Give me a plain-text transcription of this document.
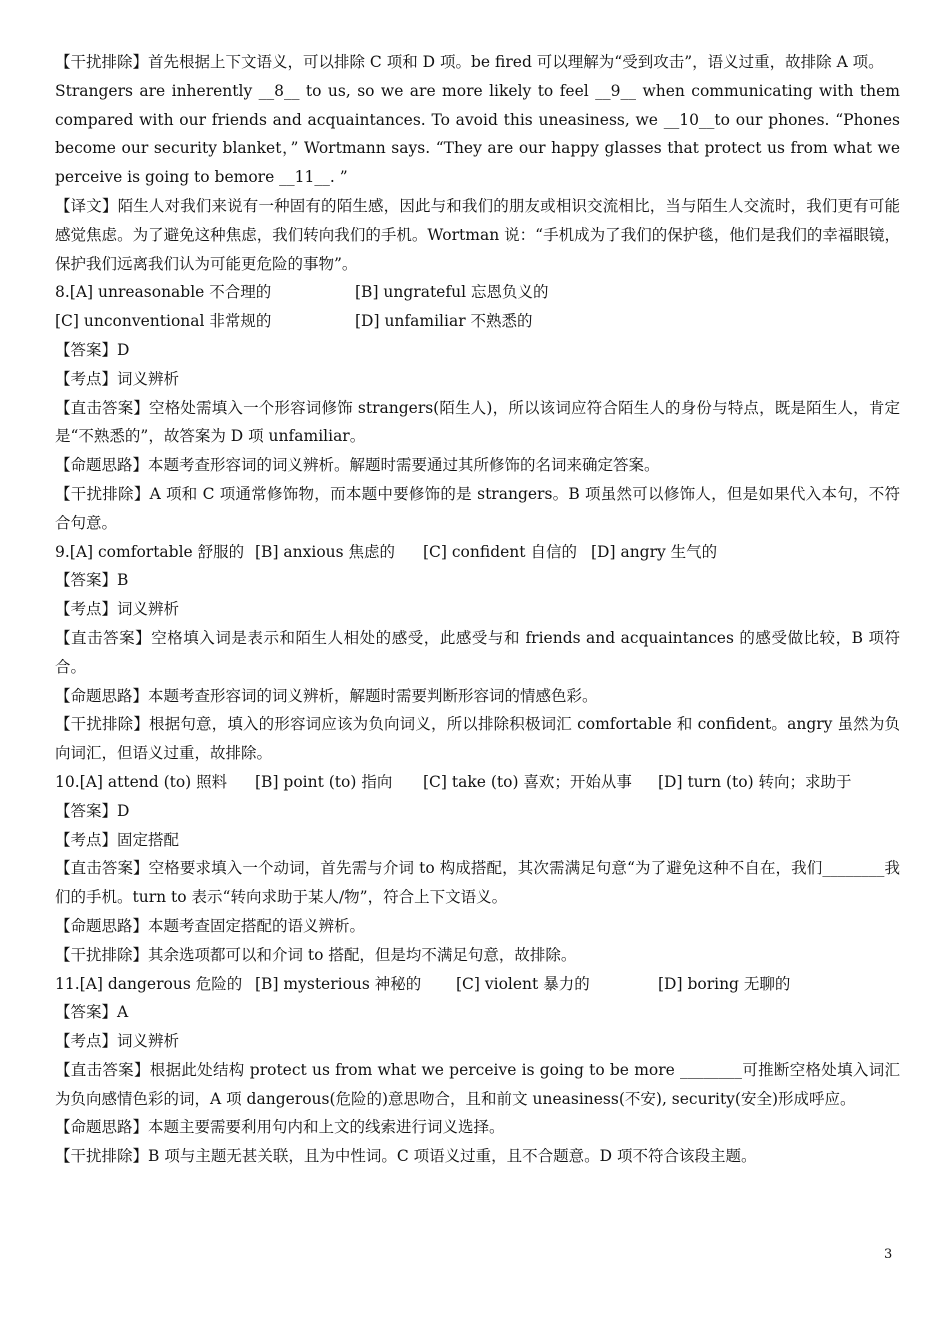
【干扰排除】首先根据上下文语义，可以排除 C 项和 D 项。be fired 可以理解为“受到攻击”，语义过重，故排除 A 项。

Strangers are inherently __8__ to us, so we are more likely to feel __9__ when communicating with them compared with our friends and acquaintances. To avoid this uneasiness, we __10__to our phones. “Phones become our security blanket，” Wortmann says. “They are our happy glasses that protect us from what we perceive is going to bemore __11__. ”

【译文】陌生人对我们来说有一种固有的陌生感，因此与和我们的朋友或相识交流相比，当与陌生人交流时，我们更有可能感觉焦虑。为了避免这种焦虑，我们转向我们的手机。Wortman 说：“手机成为了我们的保护毯，他们是我们的幸福眼镜，保护我们远离我们认为可能更危险的事物”。

8.[A] unreasonable 不合理的	[B] ungrateful 忘恩负义的
[C] unconventional 非常规的	[D] unfamiliar 不熟悉的

【答案】D

【考点】词义辨析

【直击答案】空格处需填入一个形容词修饰 strangers(陌生人)，所以该词应符合陌生人的身份与特点，既是陌生人，肯定是“不熟悉的”，故答案为 D 项 unfamiliar。

【命题思路】本题考查形容词的词义辨析。解题时需要通过其所修饰的名词来确定答案。

【干扰排除】A 项和 C 项通常修饰物，而本题中要修饰的是 strangers。B 项虽然可以修饰人，但是如果代入本句，不符合句意。

9.[A] comfortable 舒服的 [B] anxious 焦虑的	[C] confident 自信的 [D] angry 生气的

【答案】B

【考点】词义辨析

【直击答案】空格填入词是表示和陌生人相处的感受，此感受与和 friends and acquaintances 的感受做比较，B 项符合。

【命题思路】本题考查形容词的词义辨析，解题时需要判断形容词的情感色彩。

【干扰排除】根据句意，填入的形容词应该为负向词义，所以排除积极词汇 comfortable 和 confident。angry 虽然为负向词汇，但语义过重，故排除。

10.[A] attend (to) 照料	[B] point (to) 指向	[C] take (to) 喜欢；开始从事	[D] turn (to) 转向；求助于

【答案】D

【考点】固定搭配

【直击答案】空格要求填入一个动词，首先需与介词 to 构成搭配，其次需满足句意“为了避免这种不自在，我们________我们的手机。turn to 表示“转向求助于某人/物”，符合上下文语义。

【命题思路】本题考查固定搭配的语义辨析。

【干扰排除】其余选项都可以和介词 to 搭配，但是均不满足句意，故排除。

11.[A] dangerous 危险的 [B] mysterious 神秘的	[C] violent 暴力的	[D] boring 无聊的

【答案】A

【考点】词义辨析

【直击答案】根据此处结构 protect us from what we perceive is going to be more ________可推断空格处填入词汇为负向感情色彩的词，A 项 dangerous(危险的)意思吻合，且和前文 uneasiness(不安), security(安全)形成呼应。

【命题思路】本题主要需要利用句内和上文的线索进行词义选择。

【干扰排除】B 项与主题无甚关联，且为中性词。C 项语义过重，且不合题意。D 项不符合该段主题。

3
